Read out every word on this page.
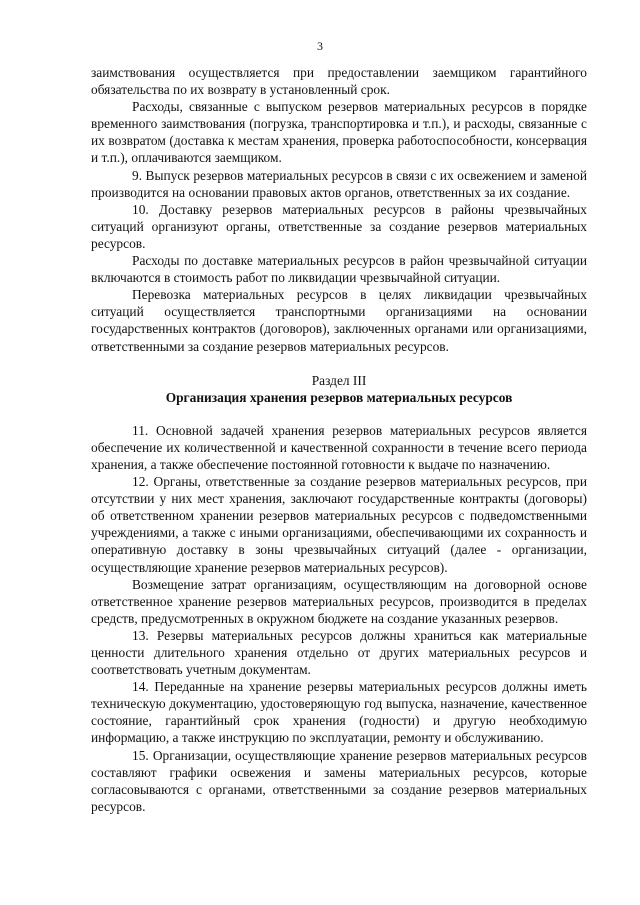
3

заимствования осуществляется при предоставлении заемщиком гарантийного обязательства по их возврату в установленный срок.

Расходы, связанные с выпуском резервов материальных ресурсов в порядке временного заимствования (погрузка, транспортировка и т.п.), и расходы, связанные с их возвратом (доставка к местам хранения, проверка работоспособности, консервация и т.п.), оплачиваются заемщиком.

9. Выпуск резервов материальных ресурсов в связи с их освежением и заменой производится на основании правовых актов органов, ответственных за их создание.

10. Доставку резервов материальных ресурсов в районы чрезвычайных ситуаций организуют органы, ответственные за создание резервов материальных ресурсов.

Расходы по доставке материальных ресурсов в район чрезвычайной ситуации включаются в стоимость работ по ликвидации чрезвычайной ситуации.

Перевозка материальных ресурсов в целях ликвидации чрезвычайных ситуаций осуществляется транспортными организациями на основании государственных контрактов (договоров), заключенных органами или организациями, ответственными за создание резервов материальных ресурсов.

Раздел III
Организация хранения резервов материальных ресурсов

11. Основной задачей хранения резервов материальных ресурсов является обеспечение их количественной и качественной сохранности в течение всего периода хранения, а также обеспечение постоянной готовности к выдаче по назначению.

12. Органы, ответственные за создание резервов материальных ресурсов, при отсутствии у них мест хранения, заключают государственные контракты (договоры) об ответственном хранении резервов материальных ресурсов с подведомственными учреждениями, а также с иными организациями, обеспечивающими их сохранность и оперативную доставку в зоны чрезвычайных ситуаций (далее - организации, осуществляющие хранение резервов материальных ресурсов).

Возмещение затрат организациям, осуществляющим на договорной основе ответственное хранение резервов материальных ресурсов, производится в пределах средств, предусмотренных в окружном бюджете на создание указанных резервов.

13. Резервы материальных ресурсов должны храниться как материальные ценности длительного хранения отдельно от других материальных ресурсов и соответствовать учетным документам.

14. Переданные на хранение резервы материальных ресурсов должны иметь техническую документацию, удостоверяющую год выпуска, назначение, качественное состояние, гарантийный срок хранения (годности) и другую необходимую информацию, а также инструкцию по эксплуатации, ремонту и обслуживанию.

15. Организации, осуществляющие хранение резервов материальных ресурсов составляют графики освежения и замены материальных ресурсов, которые согласовываются с органами, ответственными за создание резервов материальных ресурсов.
